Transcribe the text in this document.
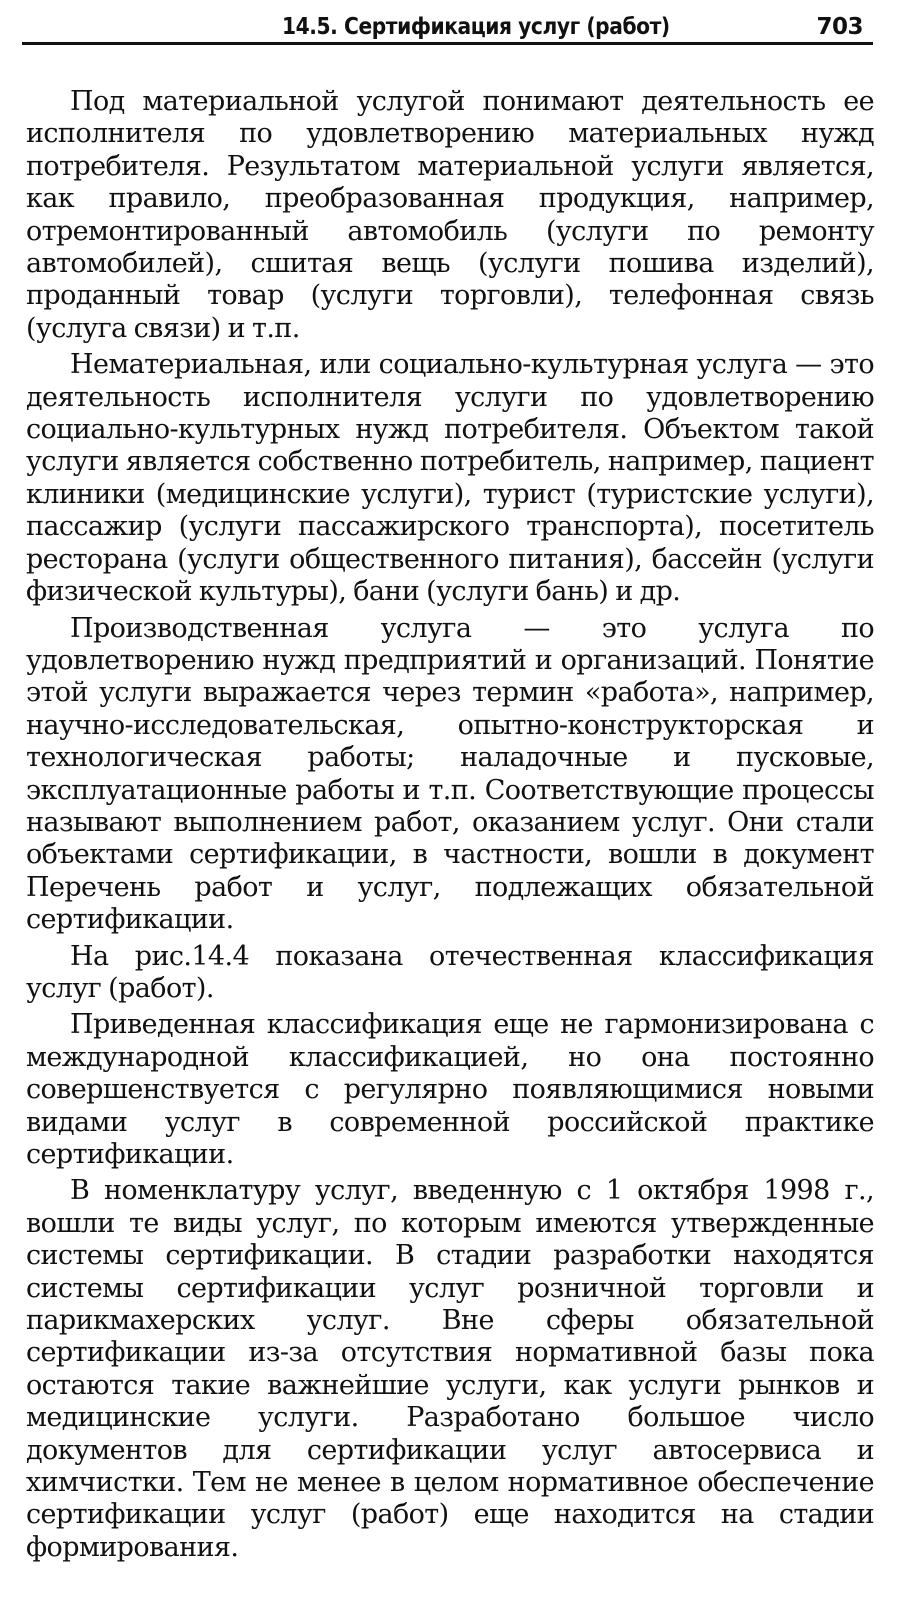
14.5. Сертификация услуг (работ)	703

Под материальной услугой понимают деятельность ее исполнителя по удовлетворению материальных нужд потребителя. Результатом материальной услуги является, как правило, преобразованная продукция, например, отремонтированный автомобиль (услуги по ремонту автомобилей), сшитая вещь (услуги пошива изделий), проданный товар (услуги торговли), телефонная связь (услуга связи) и т.п.

Нематериальная, или социально-культурная услуга — это деятельность исполнителя услуги по удовлетворению социально-культурных нужд потребителя. Объектом такой услуги является собственно потребитель, например, пациент клиники (медицинские услуги), турист (туристские услуги), пассажир (услуги пассажирского транспорта), посетитель ресторана (услуги общественного питания), бассейн (услуги физической культуры), бани (услуги бань) и др.

Производственная услуга — это услуга по удовлетворению нужд предприятий и организаций. Понятие этой услуги выражается через термин «работа», например, научно-исследовательская, опытно-конструкторская и технологическая работы; наладочные и пусковые, эксплуатационные работы и т.п. Соответствующие процессы называют выполнением работ, оказанием услуг. Они стали объектами сертификации, в частности, вошли в документ Перечень работ и услуг, подлежащих обязательной сертификации.

На рис.14.4 показана отечественная классификация услуг (работ).

Приведенная классификация еще не гармонизирована с международной классификацией, но она постоянно совершенствуется с регулярно появляющимися новыми видами услуг в современной российской практике сертификации.

В номенклатуру услуг, введенную с 1 октября 1998 г., вошли те виды услуг, по которым имеются утвержденные системы сертификации. В стадии разработки находятся системы сертификации услуг розничной торговли и парикмахерских услуг. Вне сферы обязательной сертификации из-за отсутствия нормативной базы пока остаются такие важнейшие услуги, как услуги рынков и медицинские услуги. Разработано большое число документов для сертификации услуг автосервиса и химчистки. Тем не менее в целом нормативное обеспечение сертификации услуг (работ) еще находится на стадии формирования.
